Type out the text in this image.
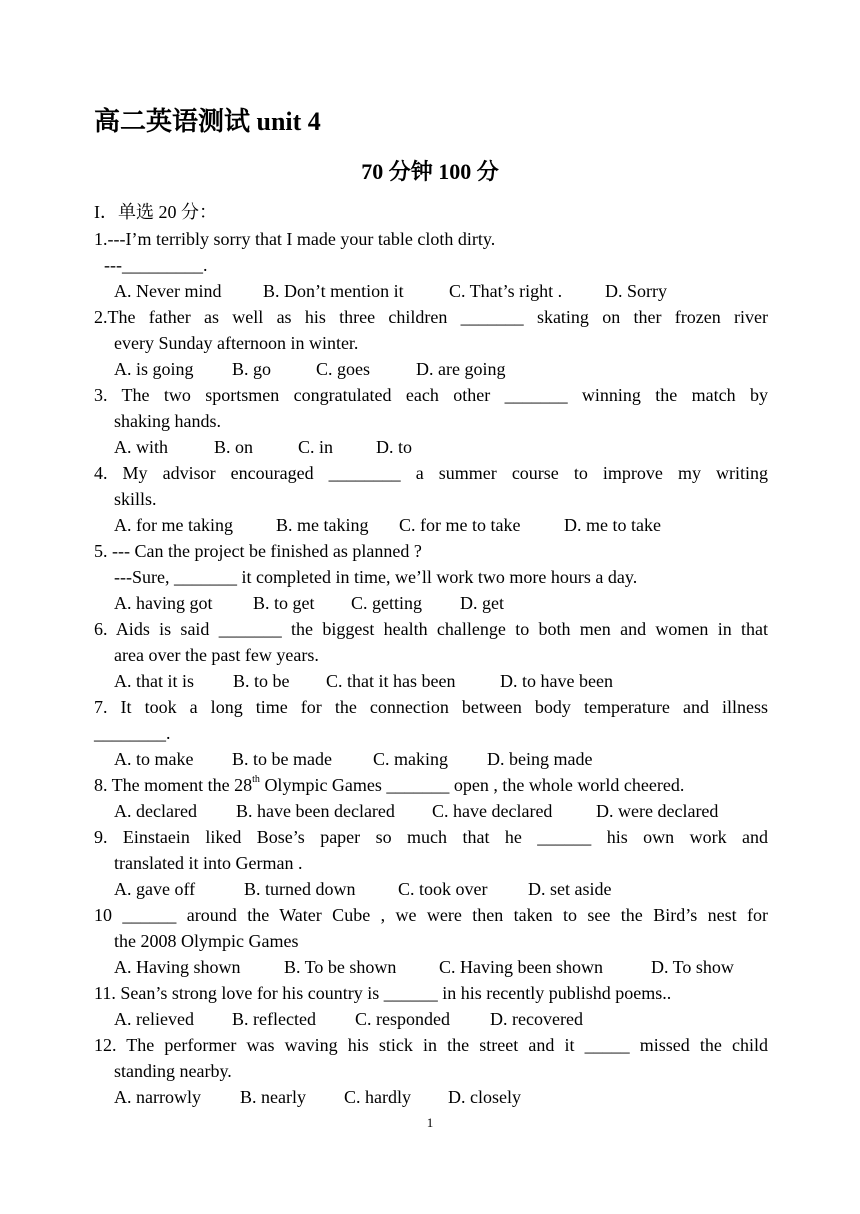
高二英语测试 unit 4
70 分钟 100 分
I．单选 20 分：
1.---I’m terribly sorry that I made your table cloth dirty.
---_________.
A. Never mind	B. Don’t mention it	C. That’s right .	D. Sorry
2.The father as well as his three children _______ skating on ther frozen river
every Sunday afternoon in winter.
A. is going	B. go	C. goes	D. are going
3. The two sportsmen congratulated each other _______ winning the match by
shaking hands.
A. with	B. on	C. in	D. to
4. My advisor encouraged ________ a summer course to improve my writing
skills.
A. for me taking	B. me taking	C. for me to take	D. me to take
5. --- Can the project be finished as planned ?
---Sure, _______ it completed in time, we’ll work two more hours a day.
A. having got	B. to get	C. getting	D. get
6. Aids is said _______ the biggest health challenge to both men and women in that
area over the past few years.
A. that it is	B. to be	C. that it has been	D. to have been
7. It took a long time for the connection between body temperature and illness
________.
A. to make	B. to be made	C. making	D. being made
8. The moment the 28th Olympic Games _______ open , the whole world cheered.
A. declared	B. have been declared	C. have declared	D. were declared
9. Einstaein liked Bose’s paper so much that he ______ his own work and
translated it into German .
A. gave off	B. turned down	C. took over	D. set aside
10 ______ around the Water Cube , we were then taken to see the Bird’s nest for
the 2008 Olympic Games
A. Having shown	B. To be shown	C. Having been shown	D. To show
11. Sean’s strong love for his country is ______ in his recently publishd poems..
A. relieved	B. reflected	C. responded	D. recovered
12. The performer was waving his stick in the street and it _____ missed the child
standing nearby.
A. narrowly	B. nearly	C. hardly	D. closely
1
